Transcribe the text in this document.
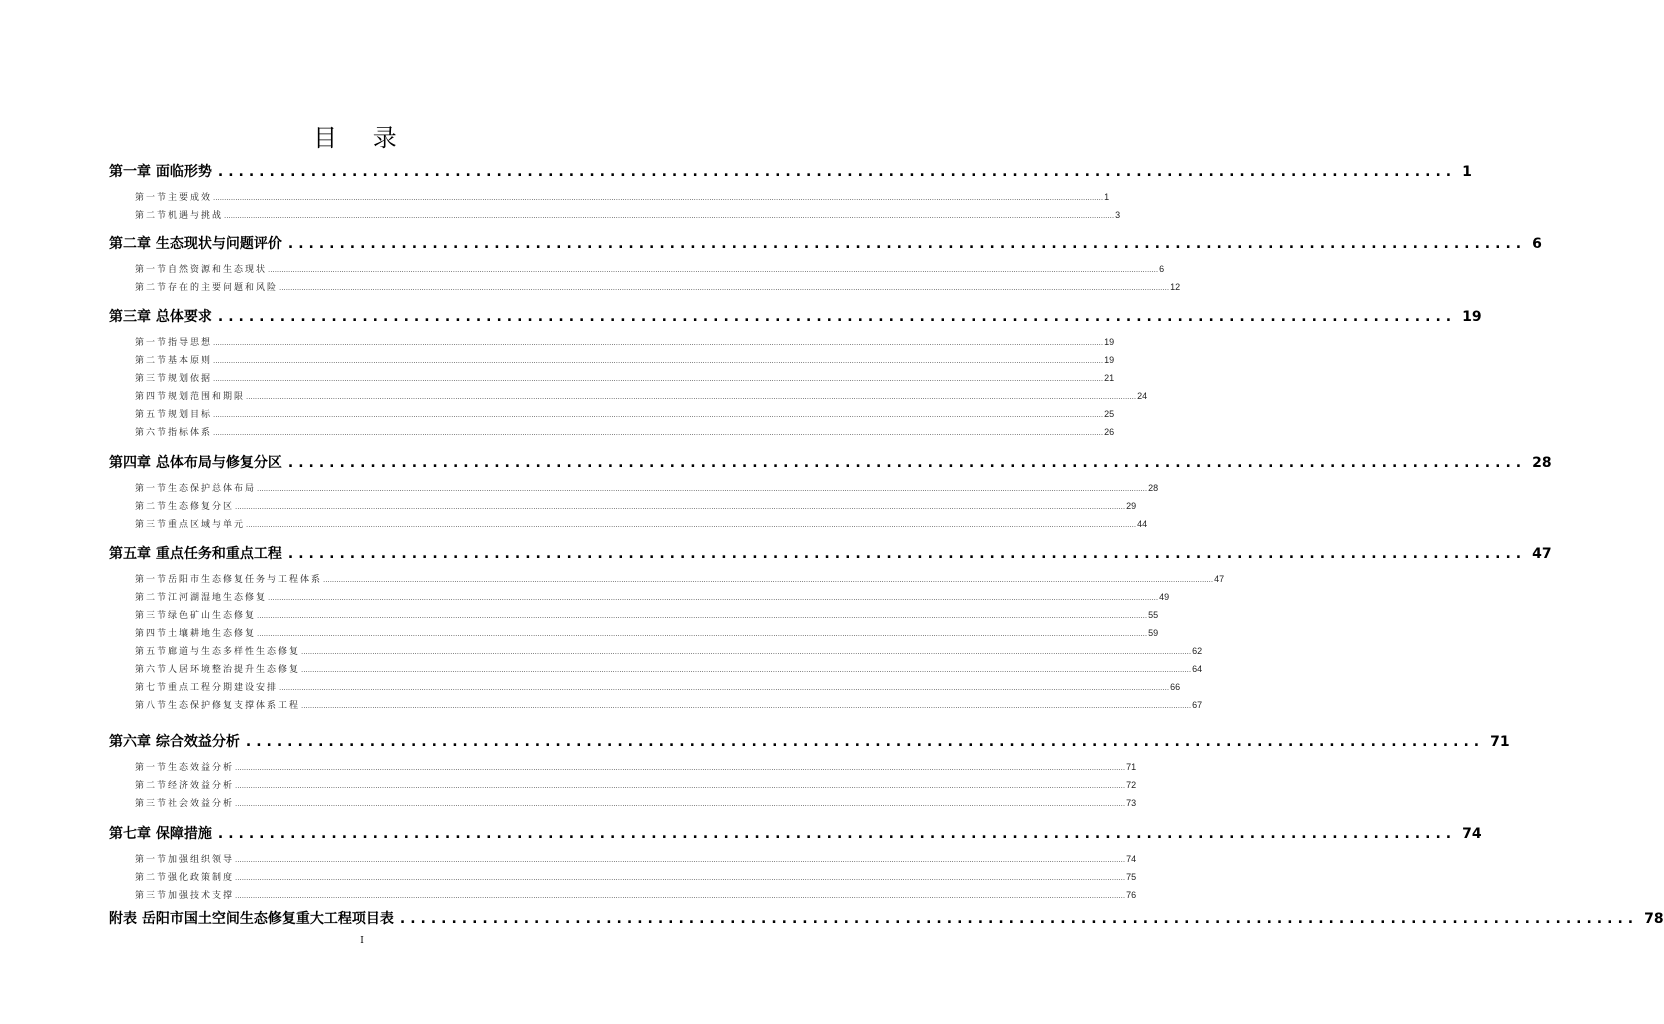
目 录
第一章 面临形势 ........................................................................................................................ 1
第一节 主要成效 ................................................................................................................................................................................................................................................................................................................................................................................................................ 1
第二节 机遇与挑战 ................................................................................................................................................................................................................................................................................................................................................................................................................ 3
第二章 生态现状与问题评价 ........................................................................................................................ 6
第一节 自然资源和生态现状 ................................................................................................................................................................................................................................................................................................................................................................................................................ 6
第二节 存在的主要问题和风险 ................................................................................................................................................................................................................................................................................................................................................................................................................ 12
第三章 总体要求 ........................................................................................................................ 19
第一节 指导思想 ................................................................................................................................................................................................................................................................................................................................................................................................................ 19
第二节 基本原则 ................................................................................................................................................................................................................................................................................................................................................................................................................ 19
第三节 规划依据 ................................................................................................................................................................................................................................................................................................................................................................................................................ 21
第四节 规划范围和期限 ................................................................................................................................................................................................................................................................................................................................................................................................................ 24
第五节 规划目标 ................................................................................................................................................................................................................................................................................................................................................................................................................ 25
第六节 指标体系 ................................................................................................................................................................................................................................................................................................................................................................................................................ 26
第四章 总体布局与修复分区 ........................................................................................................................ 28
第一节 生态保护总体布局 ................................................................................................................................................................................................................................................................................................................................................................................................................ 28
第二节 生态修复分区 ................................................................................................................................................................................................................................................................................................................................................................................................................ 29
第三节 重点区域与单元 ................................................................................................................................................................................................................................................................................................................................................................................................................ 44
第五章 重点任务和重点工程 ........................................................................................................................ 47
第一节 岳阳市生态修复任务与工程体系 ................................................................................................................................................................................................................................................................................................................................................................................................................ 47
第二节 江河湖湿地生态修复 ................................................................................................................................................................................................................................................................................................................................................................................................................ 49
第三节 绿色矿山生态修复 ................................................................................................................................................................................................................................................................................................................................................................................................................ 55
第四节 土壤耕地生态修复 ................................................................................................................................................................................................................................................................................................................................................................................................................ 59
第五节 廊道与生态多样性生态修复 ................................................................................................................................................................................................................................................................................................................................................................................................................ 62
第六节 人居环境整治提升生态修复 ................................................................................................................................................................................................................................................................................................................................................................................................................ 64
第七节 重点工程分期建设安排 ................................................................................................................................................................................................................................................................................................................................................................................................................ 66
第八节 生态保护修复支撑体系工程 ................................................................................................................................................................................................................................................................................................................................................................................................................ 67
第六章 综合效益分析 ........................................................................................................................ 71
第一节 生态效益分析 ................................................................................................................................................................................................................................................................................................................................................................................................................ 71
第二节 经济效益分析 ................................................................................................................................................................................................................................................................................................................................................................................................................ 72
第三节 社会效益分析 ................................................................................................................................................................................................................................................................................................................................................................................................................ 73
第七章 保障措施 ........................................................................................................................ 74
第一节 加强组织领导 ................................................................................................................................................................................................................................................................................................................................................................................................................ 74
第二节 强化政策制度 ................................................................................................................................................................................................................................................................................................................................................................................................................ 75
第三节 加强技术支撑 ................................................................................................................................................................................................................................................................................................................................................................................................................ 76
附表 岳阳市国土空间生态修复重大工程项目表 ........................................................................................................................ 78
I
